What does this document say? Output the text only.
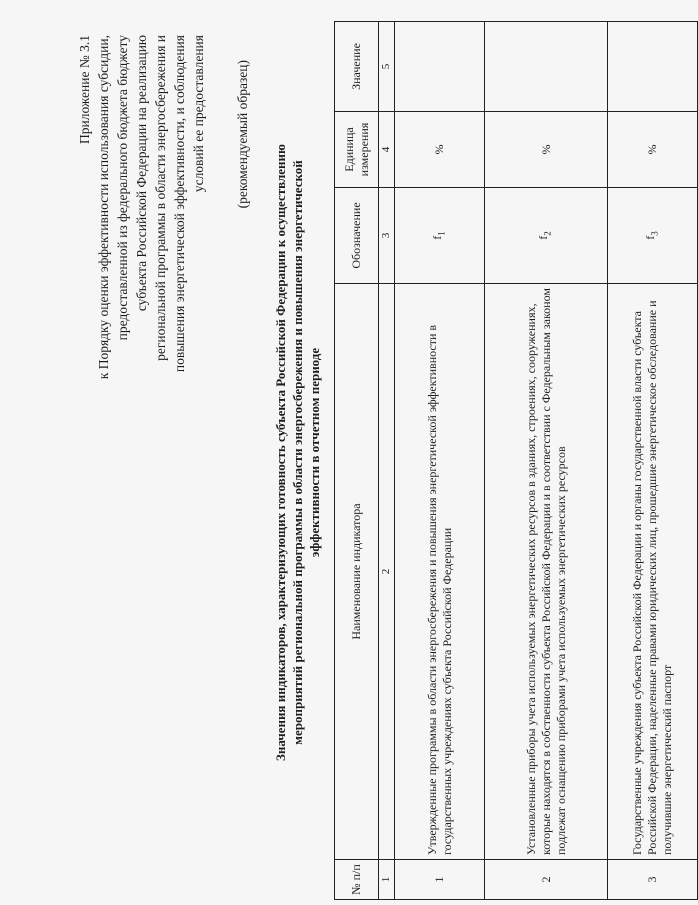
Приложение № 3.1 к Порядку оценки эффективности использования субсидии, предоставленной из федерального бюджета бюджету субъекта Российской Федерации на реализацию региональной программы в области энергосбережения и повышения энергетической эффективности, и соблюдения условий ее предоставления (рекомендуемый образец)
Значения индикаторов, характеризующих готовность субъекта Российской Федерации к осуществлению мероприятий региональной программы в области энергосбережения и повышения энергетической эффективности в отчетном периоде
№ п/п	Наименование индикатора	Обозначение	Единица измерения	Значение
1	2	3	4	5
1	Утвержденные программы в области энергосбережения и повышения энергетической эффективности в государственных учреждениях субъекта Российской Федерации	$f_1$	%	
2	Установленные приборы учета используемых энергетических ресурсов в зданиях, строениях, сооружениях, которые находятся в собственности субъекта Российской Федерации и в соответствии с Федеральным законом подлежат оснащению приборами учета используемых энергетических ресурсов	$f_2$	%	
3	Государственные учреждения субъекта Российской Федерации и органы государственной власти субъекта Российской Федерации, наделенные правами юридических лиц, прошедшие энергетическое обследование и получившие энергетический паспорт	$f_3$	%	
